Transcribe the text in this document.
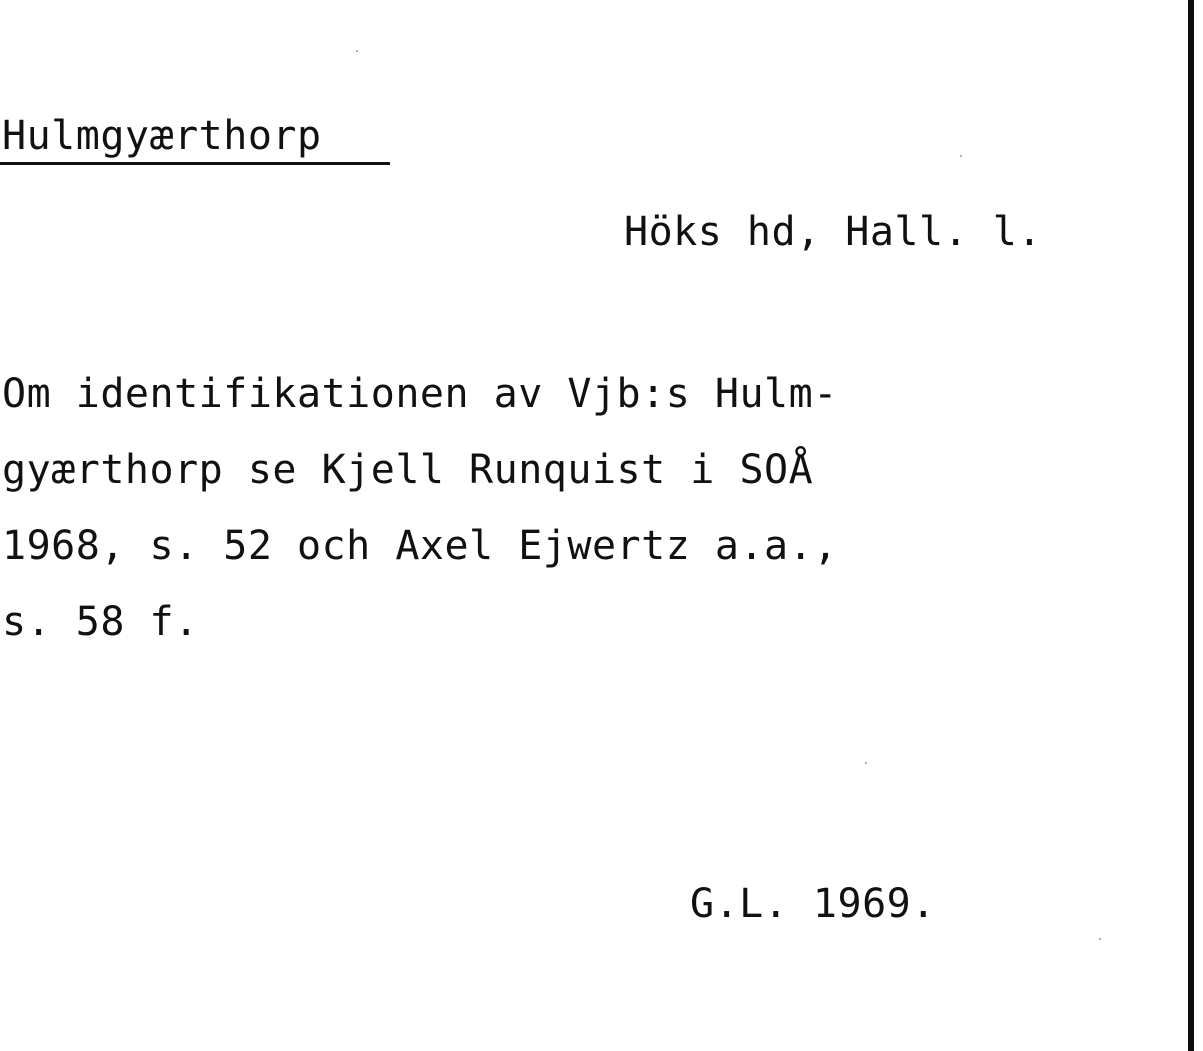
Hulmgyærthorp
Höks hd, Hall. l.
Om identifikationen av Vjb:s Hulm-
gyærthorp se Kjell Runquist i SOÅ
1968, s. 52 och Axel Ejwertz a.a.,
s. 58 f.
G.L. 1969.
